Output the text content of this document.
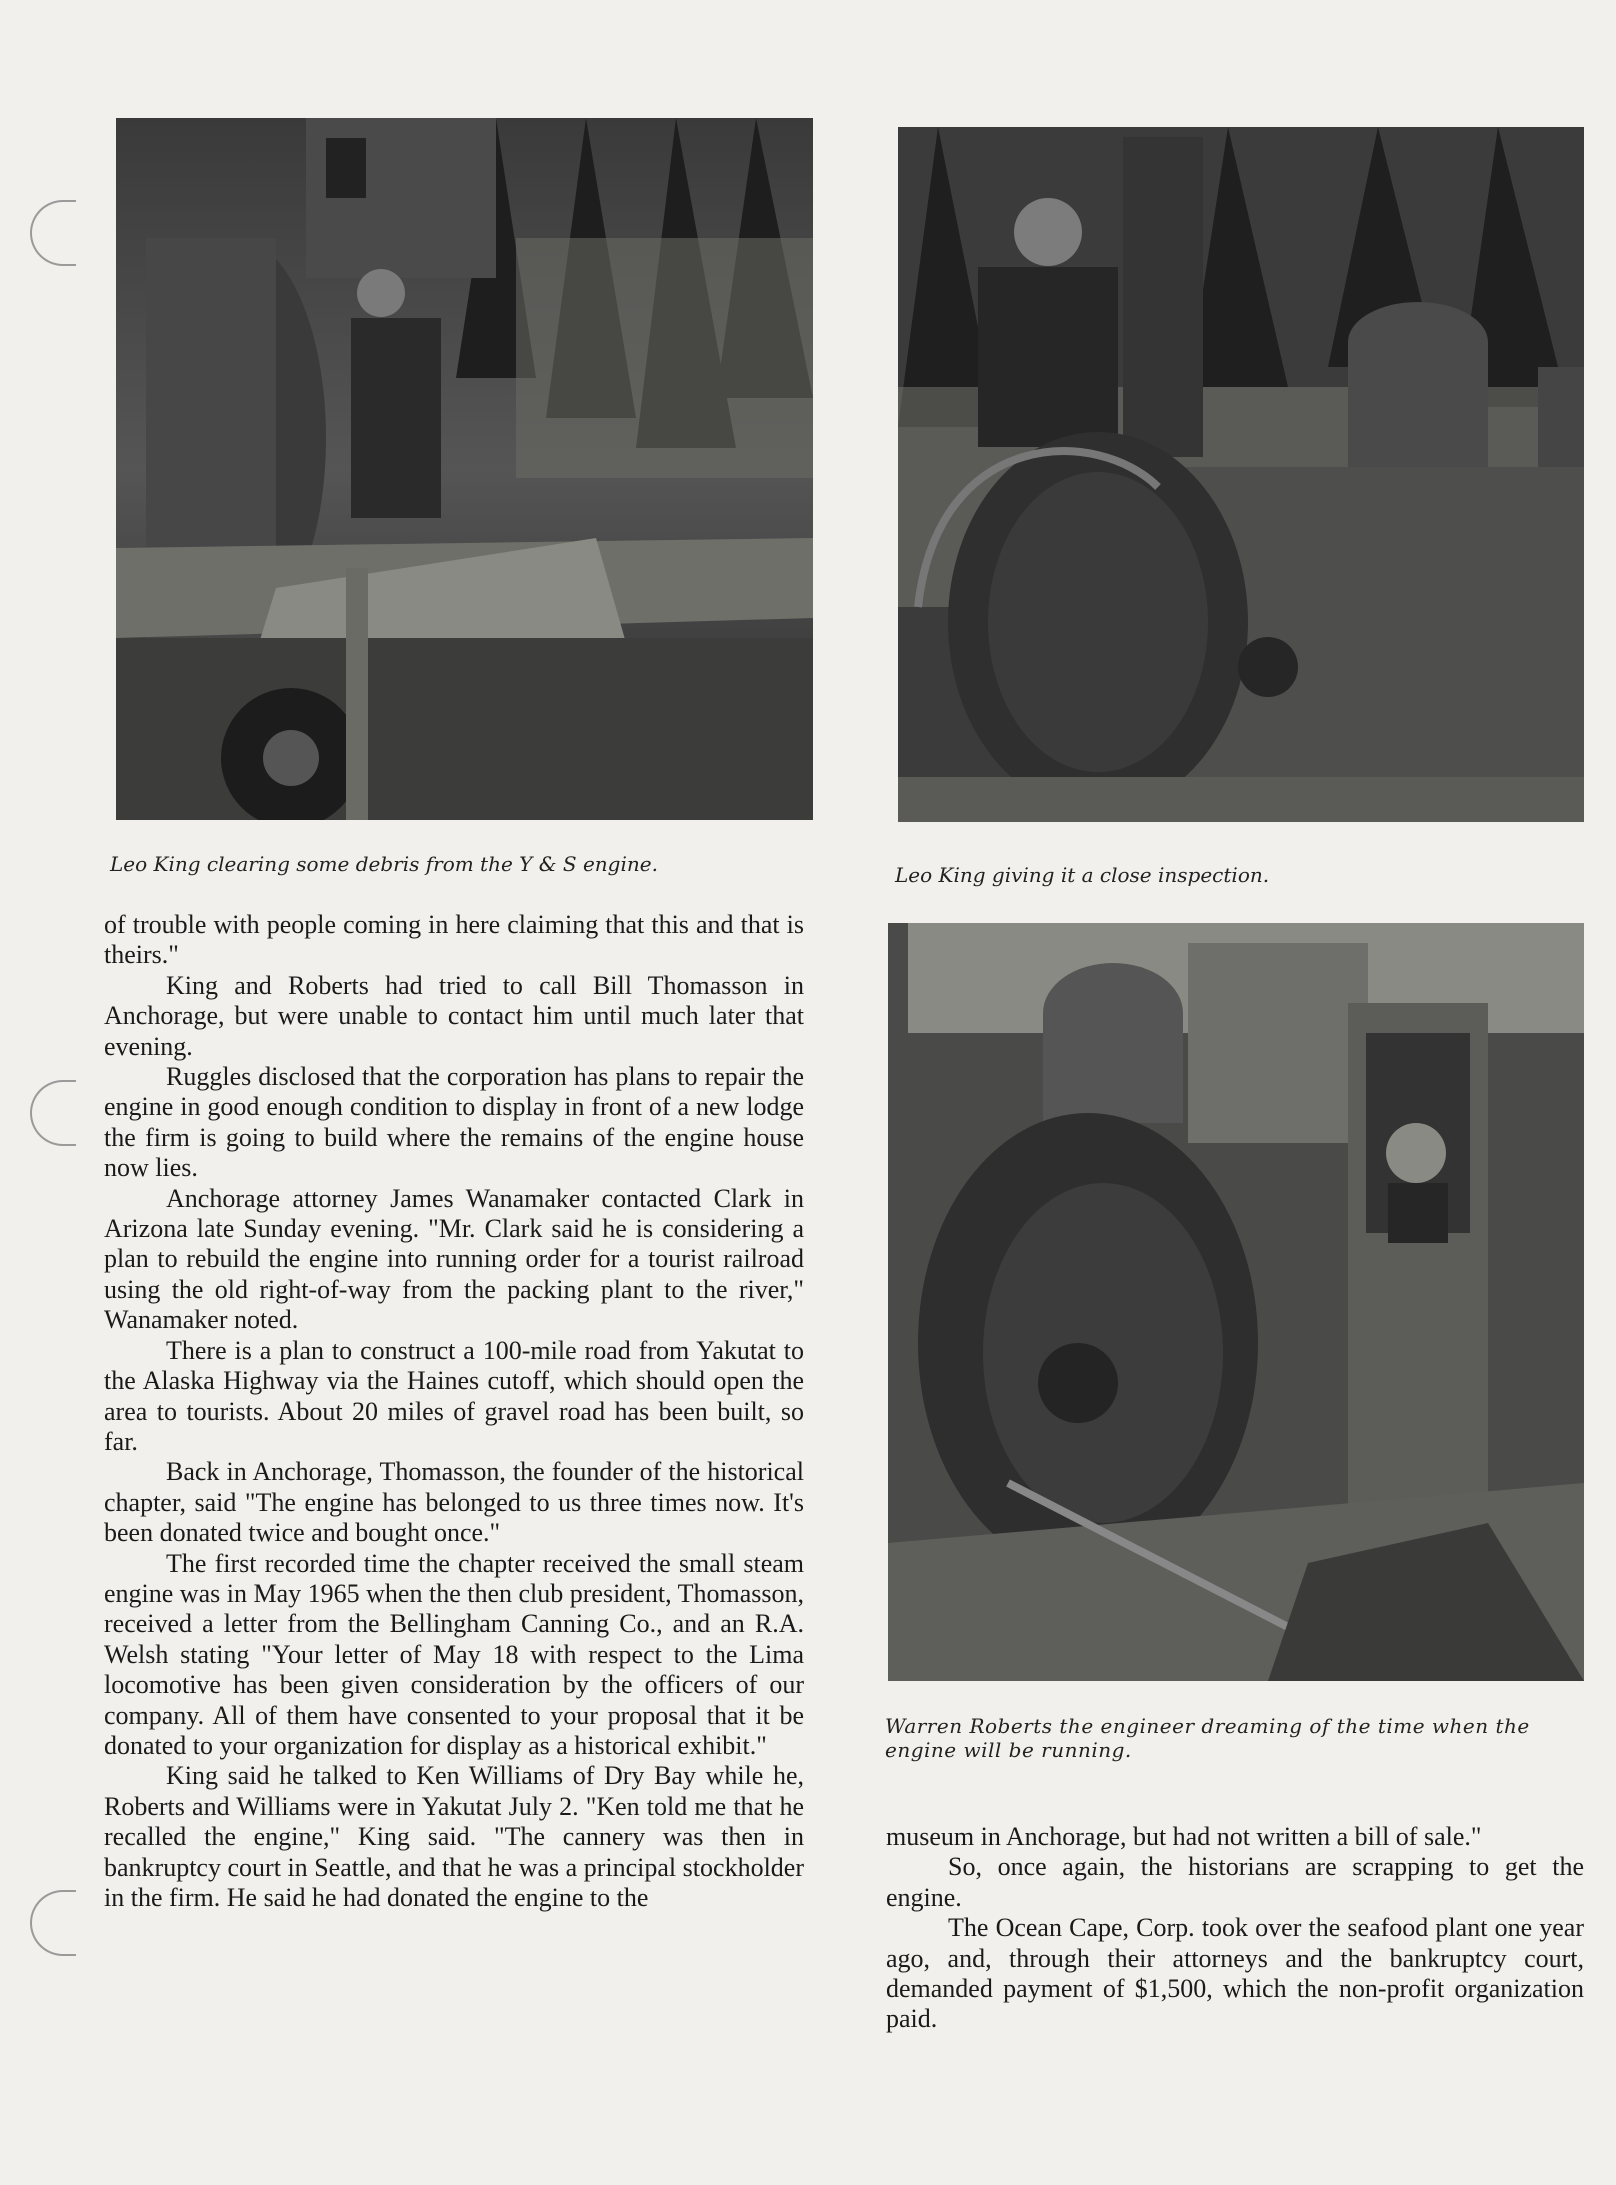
Leo King clearing some debris from the Y & S engine.	Leo King giving it a close inspection.
Warren Roberts the engineer dreaming of the time when the engine will be running.

of trouble with people coming in here claiming that this and that is theirs."

King and Roberts had tried to call Bill Thomasson in Anchorage, but were unable to contact him until much later that evening.

Ruggles disclosed that the corporation has plans to repair the engine in good enough condition to display in front of a new lodge the firm is going to build where the remains of the engine house now lies.

Anchorage attorney James Wanamaker contacted Clark in Arizona late Sunday evening. "Mr. Clark said he is considering a plan to rebuild the engine into running order for a tourist railroad using the old right-of-way from the packing plant to the river," Wanamaker noted.

There is a plan to construct a 100-mile road from Yakutat to the Alaska Highway via the Haines cutoff, which should open the area to tourists. About 20 miles of gravel road has been built, so far.

Back in Anchorage, Thomasson, the founder of the historical chapter, said "The engine has belonged to us three times now. It's been donated twice and bought once."

The first recorded time the chapter received the small steam engine was in May 1965 when the then club president, Thomasson, received a letter from the Bellingham Canning Co., and an R.A. Welsh stating "Your letter of May 18 with respect to the Lima locomotive has been given consideration by the officers of our company. All of them have consented to your proposal that it be donated to your organization for display as a historical exhibit."

King said he talked to Ken Williams of Dry Bay while he, Roberts and Williams were in Yakutat July 2. "Ken told me that he recalled the engine," King said. "The cannery was then in bankruptcy court in Seattle, and that he was a principal stockholder in the firm. He said he had donated the engine to the

museum in Anchorage, but had not written a bill of sale."

So, once again, the historians are scrapping to get the engine.

The Ocean Cape, Corp. took over the seafood plant one year ago, and, through their attorneys and the bankruptcy court, demanded payment of $1,500, which the non-profit organization paid.
